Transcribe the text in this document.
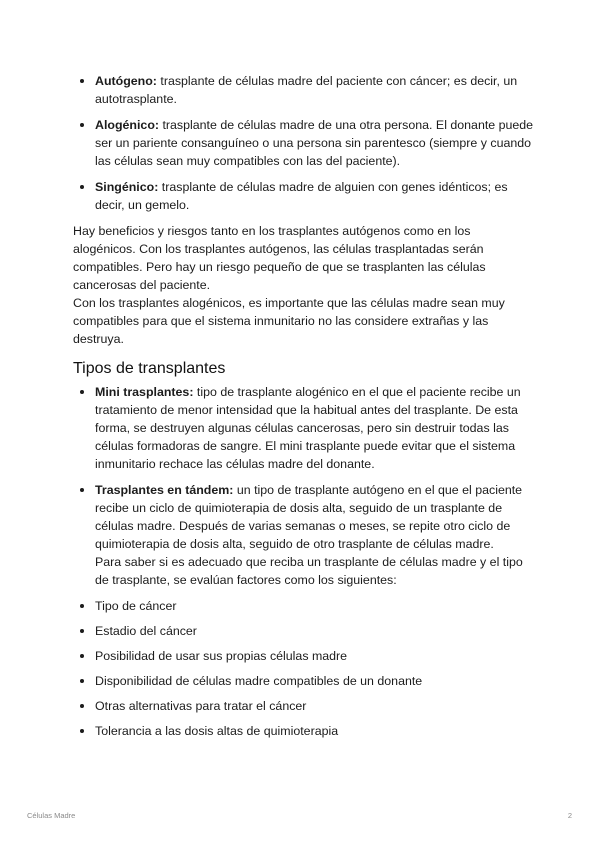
Autógeno: trasplante de células madre del paciente con cáncer; es decir, un autotrasplante.
Alogénico: trasplante de células madre de una otra persona. El donante puede ser un pariente consanguíneo o una persona sin parentesco (siempre y cuando las células sean muy compatibles con las del paciente).
Singénico: trasplante de células madre de alguien con genes idénticos; es decir, un gemelo.

Hay beneficios y riesgos tanto en los trasplantes autógenos como en los alogénicos. Con los trasplantes autógenos, las células trasplantadas serán compatibles. Pero hay un riesgo pequeño de que se trasplanten las células cancerosas del paciente.

Con los trasplantes alogénicos, es importante que las células madre sean muy compatibles para que el sistema inmunitario no las considere extrañas y las destruya.

Tipos de transplantes
Mini trasplantes: tipo de trasplante alogénico en el que el paciente recibe un tratamiento de menor intensidad que la habitual antes del trasplante. De esta forma, se destruyen algunas células cancerosas, pero sin destruir todas las células formadoras de sangre. El mini trasplante puede evitar que el sistema inmunitario rechace las células madre del donante.
Trasplantes en tándem: un tipo de trasplante autógeno en el que el paciente recibe un ciclo de quimioterapia de dosis alta, seguido de un trasplante de células madre. Después de varias semanas o meses, se repite otro ciclo de quimioterapia de dosis alta, seguido de otro trasplante de células madre.
Para saber si es adecuado que reciba un trasplante de células madre y el tipo de trasplante, se evalúan factores como los siguientes:
Tipo de cáncer
Estadio del cáncer
Posibilidad de usar sus propias células madre
Disponibilidad de células madre compatibles de un donante
Otras alternativas para tratar el cáncer
Tolerancia a las dosis altas de quimioterapia
Células Madre	2
